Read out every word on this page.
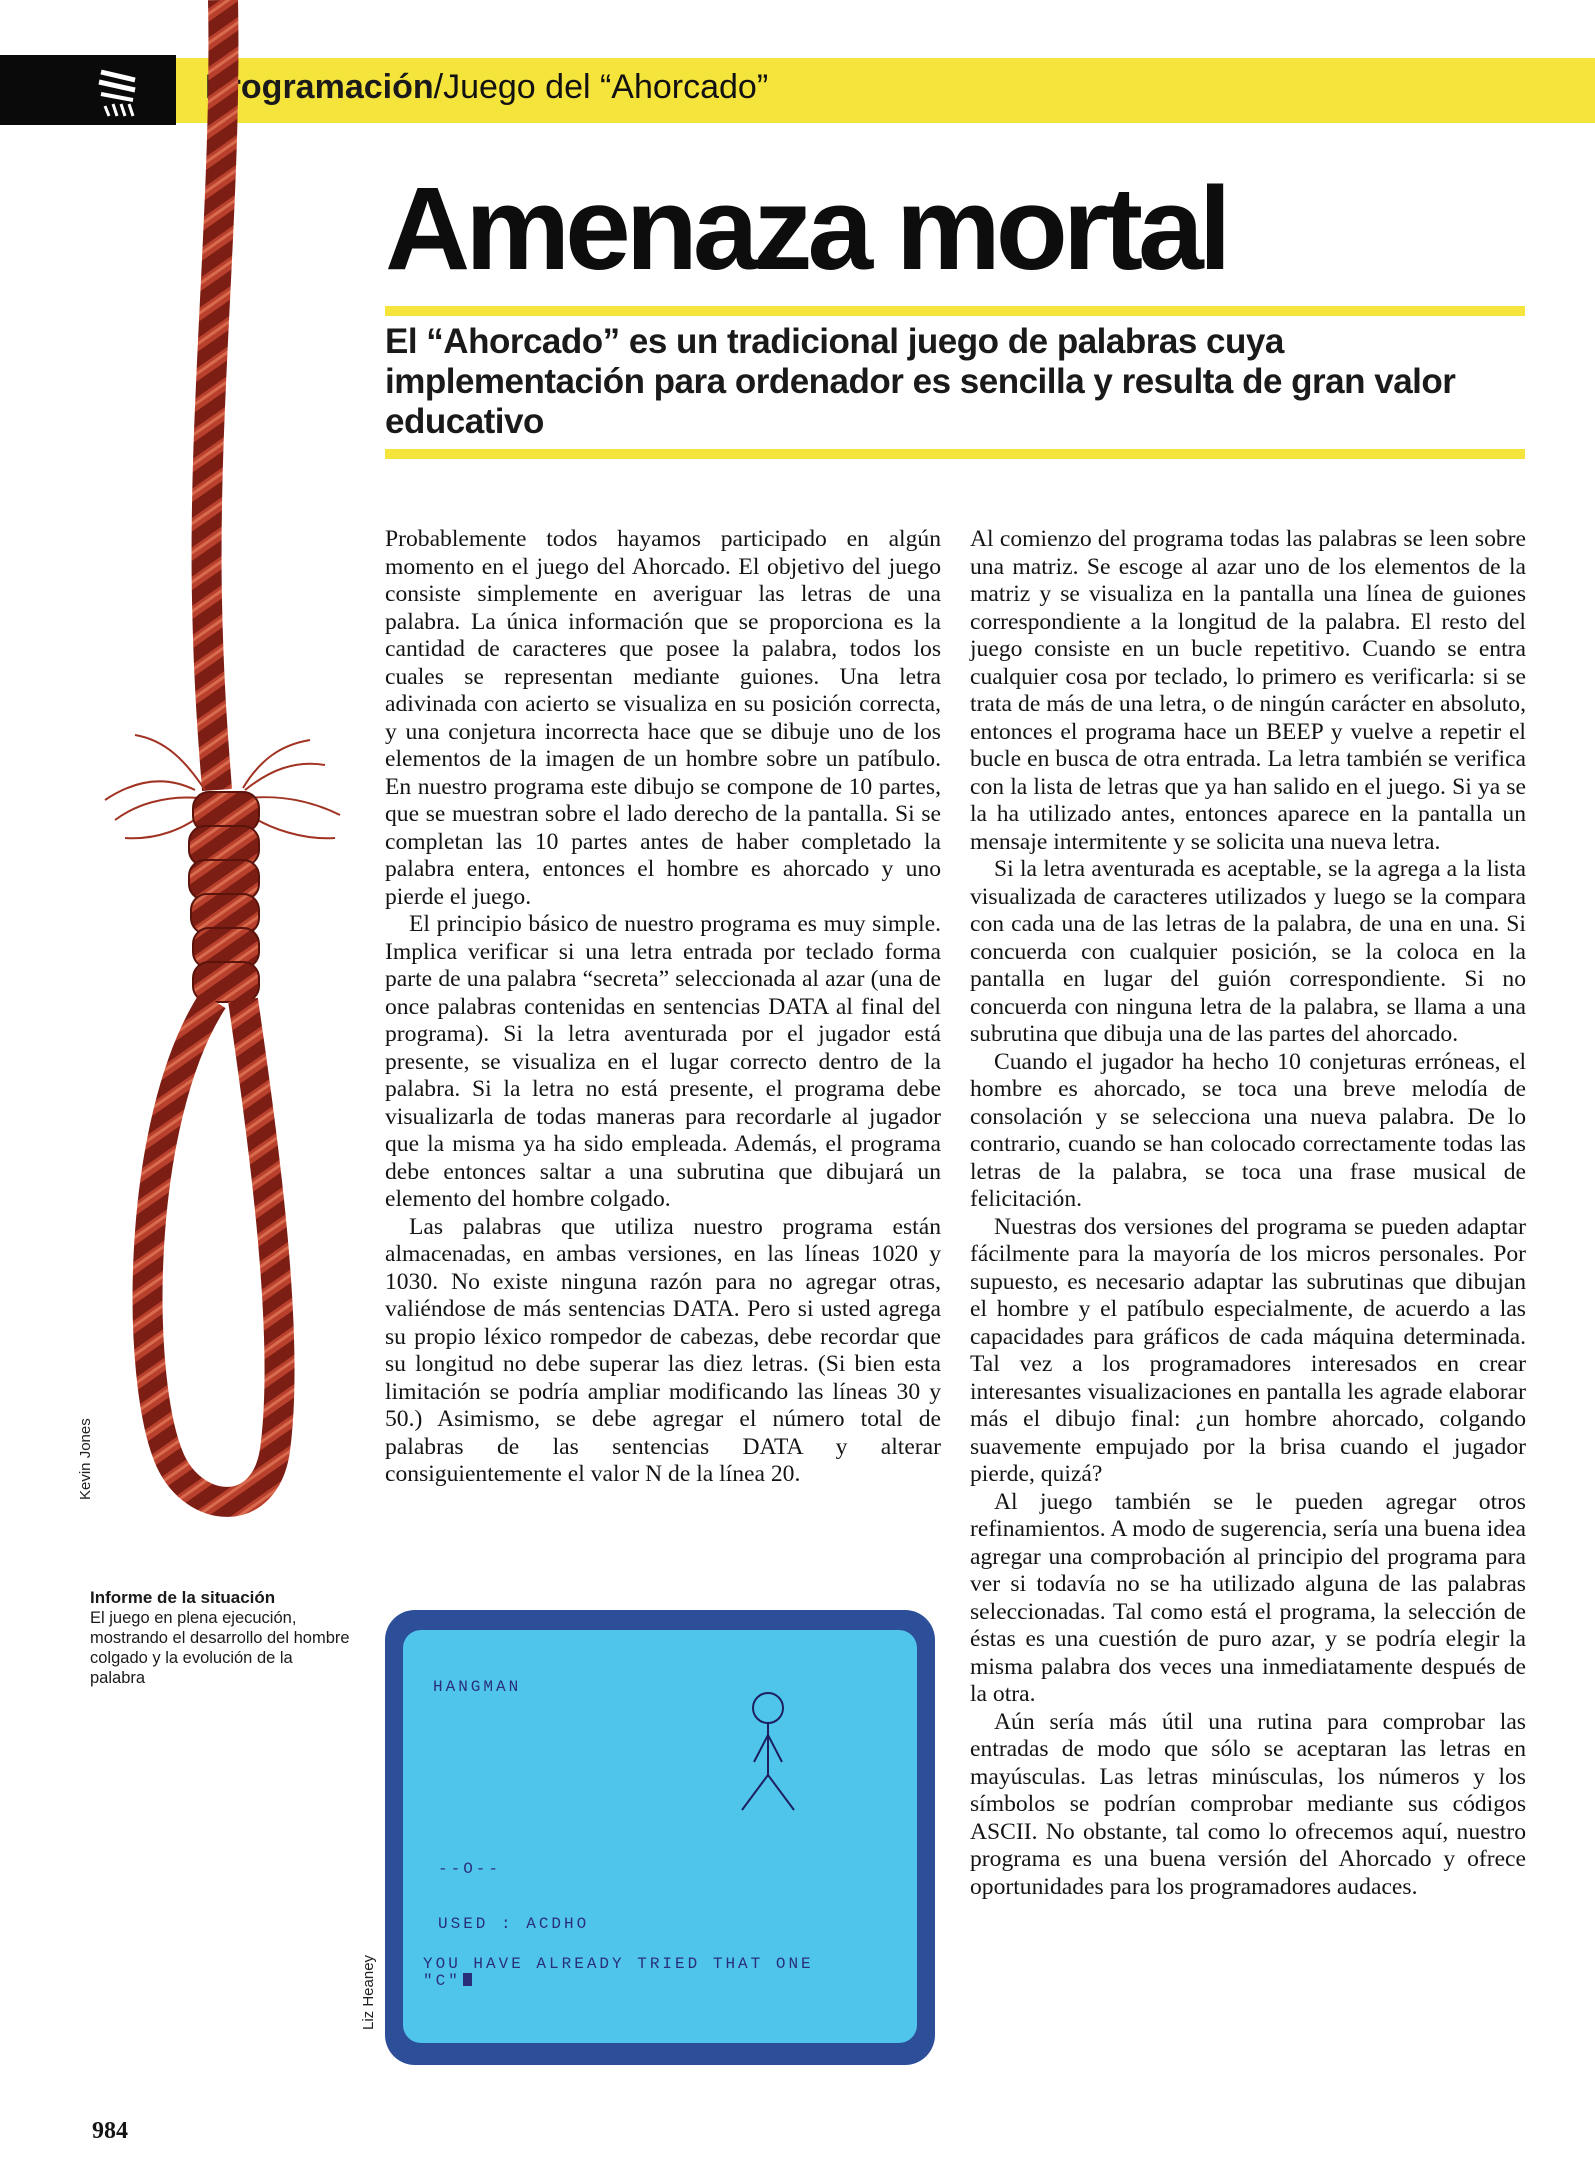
Programación/Juego del “Ahorcado”
Amenaza mortal
El “Ahorcado” es un tradicional juego de palabras cuya implementación para ordenador es sencilla y resulta de gran valor educativo

Probablemente todos hayamos participado en algún momento en el juego del Ahorcado. El objetivo del juego consiste simplemente en averiguar las letras de una palabra. La única información que se proporciona es la cantidad de caracteres que posee la palabra, todos los cuales se representan mediante guiones. Una letra adivinada con acierto se visualiza en su posición correcta, y una conjetura incorrecta hace que se dibuje uno de los elementos de la imagen de un hombre sobre un patíbulo. En nuestro programa este dibujo se compone de 10 partes, que se muestran sobre el lado derecho de la pantalla. Si se completan las 10 partes antes de haber completado la palabra entera, entonces el hombre es ahorcado y uno pierde el juego.

El principio básico de nuestro programa es muy simple. Implica verificar si una letra entrada por teclado forma parte de una palabra “secreta” seleccionada al azar (una de once palabras contenidas en sentencias DATA al final del programa). Si la letra aventurada por el jugador está presente, se visualiza en el lugar correcto dentro de la palabra. Si la letra no está presente, el programa debe visualizarla de todas maneras para recordarle al jugador que la misma ya ha sido empleada. Además, el programa debe entonces saltar a una subrutina que dibujará un elemento del hombre colgado.

Las palabras que utiliza nuestro programa están almacenadas, en ambas versiones, en las líneas 1020 y 1030. No existe ninguna razón para no agregar otras, valiéndose de más sentencias DATA. Pero si usted agrega su propio léxico rompedor de cabezas, debe recordar que su longitud no debe superar las diez letras. (Si bien esta limitación se podría ampliar modificando las líneas 30 y 50.) Asimismo, se debe agregar el número total de palabras de las sentencias DATA y alterar consiguientemente el valor N de la línea 20.

Al comienzo del programa todas las palabras se leen sobre una matriz. Se escoge al azar uno de los elementos de la matriz y se visualiza en la pantalla una línea de guiones correspondiente a la longitud de la palabra. El resto del juego consiste en un bucle repetitivo. Cuando se entra cualquier cosa por teclado, lo primero es verificarla: si se trata de más de una letra, o de ningún carácter en absoluto, entonces el programa hace un BEEP y vuelve a repetir el bucle en busca de otra entrada. La letra también se verifica con la lista de letras que ya han salido en el juego. Si ya se la ha utilizado antes, entonces aparece en la pantalla un mensaje intermitente y se solicita una nueva letra.

Si la letra aventurada es aceptable, se la agrega a la lista visualizada de caracteres utilizados y luego se la compara con cada una de las letras de la palabra, de una en una. Si concuerda con cualquier posición, se la coloca en la pantalla en lugar del guión correspondiente. Si no concuerda con ninguna letra de la palabra, se llama a una subrutina que dibuja una de las partes del ahorcado.

Cuando el jugador ha hecho 10 conjeturas erróneas, el hombre es ahorcado, se toca una breve melodía de consolación y se selecciona una nueva palabra. De lo contrario, cuando se han colocado correctamente todas las letras de la palabra, se toca una frase musical de felicitación.

Nuestras dos versiones del programa se pueden adaptar fácilmente para la mayoría de los micros personales. Por supuesto, es necesario adaptar las subrutinas que dibujan el hombre y el patíbulo especialmente, de acuerdo a las capacidades para gráficos de cada máquina determinada. Tal vez a los programadores interesados en crear interesantes visualizaciones en pantalla les agrade elaborar más el dibujo final: ¿un hombre ahorcado, colgando suavemente empujado por la brisa cuando el jugador pierde, quizá?

Al juego también se le pueden agregar otros refinamientos. A modo de sugerencia, sería una buena idea agregar una comprobación al principio del programa para ver si todavía no se ha utilizado alguna de las palabras seleccionadas. Tal como está el programa, la selección de éstas es una cuestión de puro azar, y se podría elegir la misma palabra dos veces una inmediatamente después de la otra.

Aún sería más útil una rutina para comprobar las entradas de modo que sólo se aceptaran las letras en mayúsculas. Las letras minúsculas, los números y los símbolos se podrían comprobar mediante sus códigos ASCII. No obstante, tal como lo ofrecemos aquí, nuestro programa es una buena versión del Ahorcado y ofrece oportunidades para los programadores audaces.

Kevin Jones
Liz Heaney
Informe de la situación
El juego en plena ejecución, mostrando el desarrollo del hombre colgado y la evolución de la palabra	HANGMAN
--O--
USED : ACDHO
YOU HAVE ALREADY TRIED THAT ONE
"C"
984
